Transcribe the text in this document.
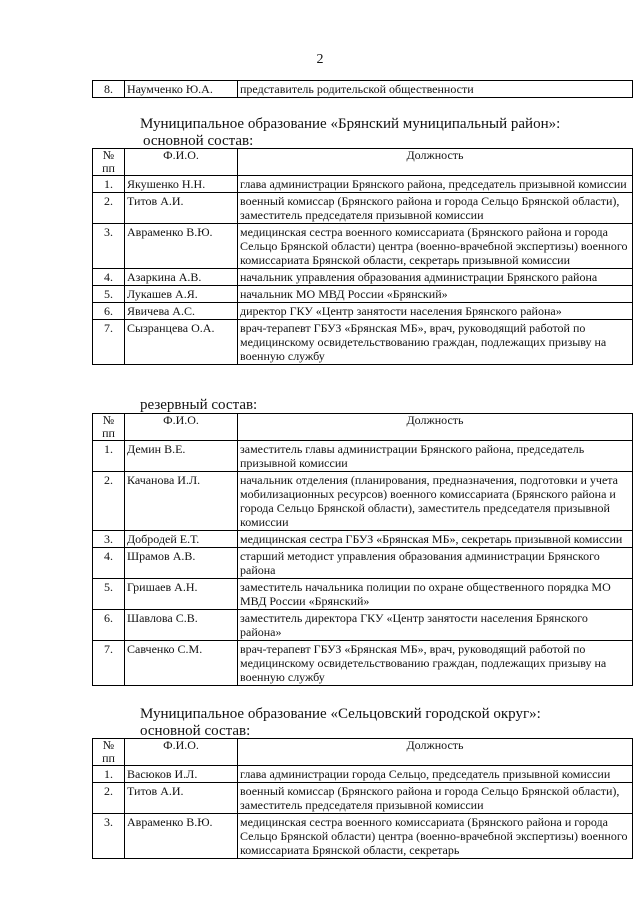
2
8.	Наумченко Ю.А.	представитель родительской общественности
Муниципальное образование «Брянский муниципальный район»:
основной состав:
№ пп	Ф.И.О.	Должность
1.	Якушенко Н.Н.	глава администрации Брянского района, председатель призывной комиссии
2.	Титов А.И.	военный комиссар (Брянского района и города Сельцо Брянской области), заместитель председателя призывной комиссии
3.	Авраменко В.Ю.	медицинская сестра военного комиссариата (Брянского района и города Сельцо Брянской области) центра (военно-врачебной экспертизы) военного комиссариата Брянской области, секретарь призывной комиссии
4.	Азаркина А.В.	начальник управления образования администрации Брянского района
5.	Лукашев А.Я.	начальник МО МВД России «Брянский»
6.	Явичева А.С.	директор ГКУ «Центр занятости населения Брянского района»
7.	Сызранцева О.А.	врач-терапевт ГБУЗ «Брянская МБ», врач, руководящий работой по медицинскому освидетельствованию граждан, подлежащих призыву на военную службу
резервный состав:
№ пп	Ф.И.О.	Должность
1.	Демин В.Е.	заместитель главы администрации Брянского района, председатель призывной комиссии
2.	Качанова И.Л.	начальник отделения (планирования, предназначения, подготовки и учета мобилизационных ресурсов) военного комиссариата (Брянского района и города Сельцо Брянской области), заместитель председателя призывной комиссии
3.	Добродей Е.Т.	медицинская сестра ГБУЗ «Брянская МБ», секретарь призывной комиссии
4.	Шрамов А.В.	старший методист управления образования администрации Брянского района
5.	Гришаев А.Н.	заместитель начальника полиции по охране общественного порядка МО МВД России «Брянский»
6.	Шавлова С.В.	заместитель директора ГКУ «Центр занятости населения Брянского района»
7.	Савченко С.М.	врач-терапевт ГБУЗ «Брянская МБ», врач, руководящий работой по медицинскому освидетельствованию граждан, подлежащих призыву на военную службу
Муниципальное образование «Сельцовский городской округ»:
основной состав:
№ пп	Ф.И.О.	Должность
1.	Васюков И.Л.	глава администрации города Сельцо, председатель призывной комиссии
2.	Титов А.И.	военный комиссар (Брянского района и города Сельцо Брянской области), заместитель председателя призывной комиссии
3.	Авраменко В.Ю.	медицинская сестра военного комиссариата (Брянского района и города Сельцо Брянской области) центра (военно-врачебной экспертизы) военного комиссариата Брянской области, секретарь
